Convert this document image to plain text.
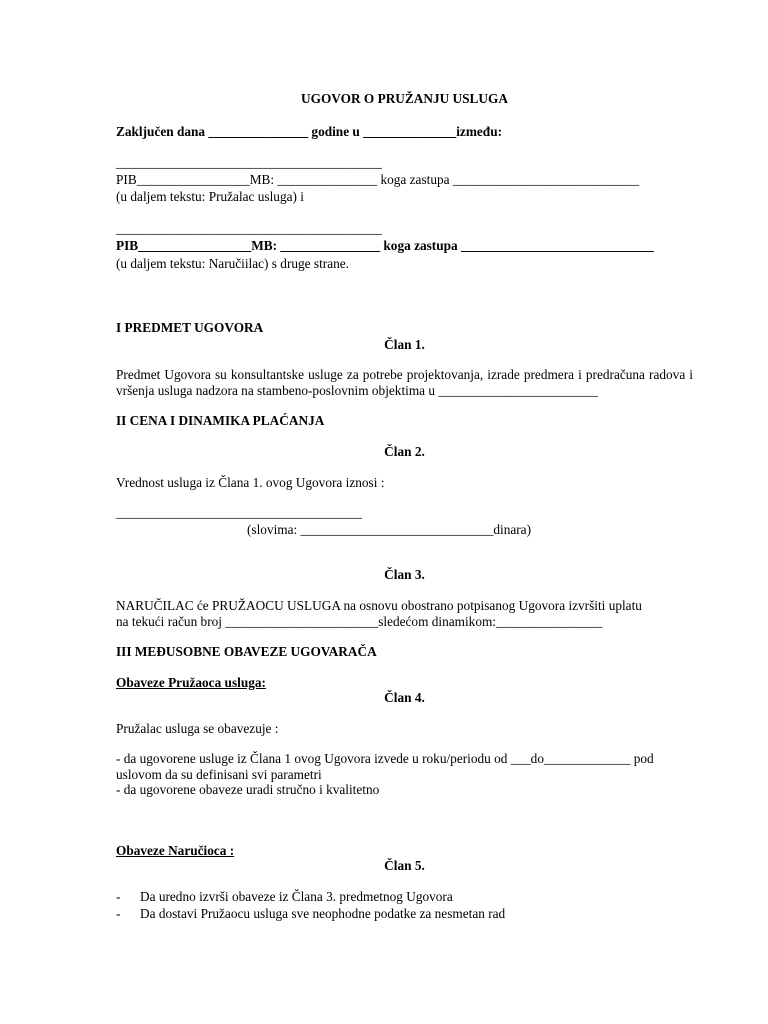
UGOVOR O PRUŽANJU USLUGA
Zaključen dana _______________ godine u ______________između:
________________________________________
PIB_________________MB: _______________ koga zastupa ____________________________
(u daljem tekstu: Pružalac usluga) i
________________________________________
PIB_________________MB: _______________ koga zastupa _____________________________
(u daljem tekstu: Naručiilac) s druge strane.
I PREDMET UGOVORA
Član 1.
Predmet Ugovora su konsultantske usluge za potrebe projektovanja, izrade predmera i predračuna radova i vršenja usluga nadzora na stambeno-poslovnim objektima u ________________________
II CENA I DINAMIKA PLAĆANJA
Član 2.
Vrednost usluga iz Člana 1. ovog Ugovora iznosi :
_____________________________________
(slovima: _____________________________dinara)
Član 3.
NARUČILAC će PRUŽAOCU USLUGA na osnovu obostrano potpisanog Ugovora izvršiti uplatu
na tekući račun broj _______________________sledećom dinamikom:________________
III MEĐUSOBNE OBAVEZE UGOVARAČA
Obaveze Pružaoca usluga:
Član 4.
Pružalac usluga se obavezuje :
- da ugovorene usluge iz Člana 1 ovog Ugovora izvede u roku/periodu od ___do_____________ pod
uslovom da su definisani svi parametri
- da ugovorene obaveze uradi stručno i kvalitetno
Obaveze Naručioca :
Član 5.
- Da uredno izvrši obaveze iz Člana 3. predmetnog Ugovora
- Da dostavi Pružaocu usluga sve neophodne podatke za nesmetan rad
